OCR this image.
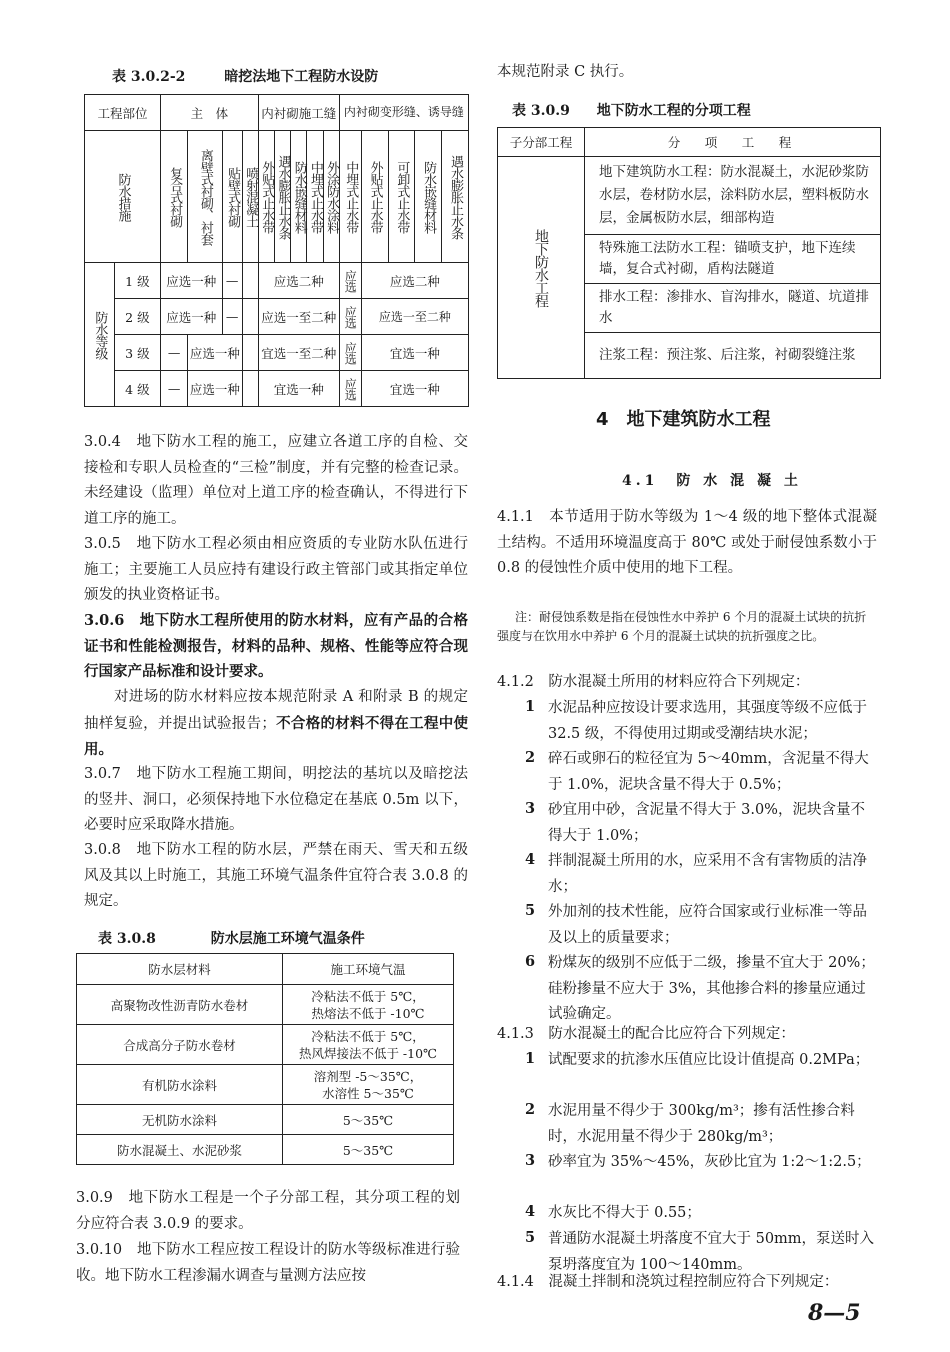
表 3.0.2-2	暗挖法地下工程防水设防
工程部位		主　体				内衬砌施工缝					内衬砌变形缝、诱导缝				

防水措施		复合式衬砌	离壁式衬砌、衬套	贴壁式衬砌	喷射混凝土	外贴式止水带	遇水膨胀止水条	防水嵌缝材料	中埋式止水带	外涂防水涂料	中埋式止水带	外贴式止水带	可卸式止水带	防水嵌缝材料	遇水膨胀止水条

防水等级	1 级	应选一种		—		应选二种					应选	应选二种			
	2 级	应选一种		—		应选一至二种					应选	应选一至二种			
	3 级	—	应选一种			宜选一至二种					应选	宜选一种			
	4 级	—	应选一种			宜选一种					应选	宜选一种			
3.0.4　地下防水工程的施工，应建立各道工序的自检、交接检和专职人员检查的“三检”制度，并有完整的检查记录。未经建设（监理）单位对上道工序的检查确认，不得进行下道工序的施工。
3.0.5　地下防水工程必须由相应资质的专业防水队伍进行施工；主要施工人员应持有建设行政主管部门或其指定单位颁发的执业资格证书。
3.0.6　地下防水工程所使用的防水材料，应有产品的合格证书和性能检测报告，材料的品种、规格、性能等应符合现行国家产品标准和设计要求。
对进场的防水材料应按本规范附录 A 和附录 B 的规定抽样复验，并提出试验报告；不合格的材料不得在工程中使用。
3.0.7　地下防水工程施工期间，明挖法的基坑以及暗挖法的竖井、洞口，必须保持地下水位稳定在基底 0.5m 以下，必要时应采取降水措施。
3.0.8　地下防水工程的防水层，严禁在雨天、雪天和五级风及其以上时施工，其施工环境气温条件宜符合表 3.0.8 的规定。
表 3.0.8	防水层施工环境气温条件
防水层材料	施工环境气温
高聚物改性沥青防水卷材	冷粘法不低于 5℃，
热熔法不低于 -10℃
合成高分子防水卷材	冷粘法不低于 5℃，
热风焊接法不低于 -10℃
有机防水涂料	溶剂型 -5～35℃，
水溶性 5～35℃
无机防水涂料	5～35℃
防水混凝土、水泥砂浆	5～35℃
3.0.9　地下防水工程是一个子分部工程，其分项工程的划分应符合表 3.0.9 的要求。
3.0.10　地下防水工程应按工程设计的防水等级标准进行验收。地下防水工程渗漏水调查与量测方法应按
本规范附录 C 执行。
表 3.0.9 地下防水工程的分项工程
子分部工程	分　项　工　程

地下防水工程	地下建筑防水工程：防水混凝土，水泥砂浆防水层，卷材防水层，涂料防水层，塑料板防水层，金属板防水层，细部构造
	特殊施工法防水工程：锚喷支护，地下连续墙，复合式衬砌，盾构法隧道
	排水工程：渗排水、盲沟排水，隧道、坑道排水
	注浆工程：预注浆、后注浆，衬砌裂缝注浆
4　地下建筑防水工程
4.1　防 水 混 凝 土
4.1.1　本节适用于防水等级为 1～4 级的地下整体式混凝土结构。不适用环境温度高于 80℃ 或处于耐侵蚀系数小于 0.8 的侵蚀性介质中使用的地下工程。
注：耐侵蚀系数是指在侵蚀性水中养护 6 个月的混凝土试块的抗折强度与在饮用水中养护 6 个月的混凝土试块的抗折强度之比。
4.1.2　防水混凝土所用的材料应符合下列规定：
1 水泥品种应按设计要求选用，其强度等级不应低于 32.5 级，不得使用过期或受潮结块水泥；
2 碎石或卵石的粒径宜为 5～40mm，含泥量不得大于 1.0%，泥块含量不得大于 0.5%；
3 砂宜用中砂，含泥量不得大于 3.0%，泥块含量不得大于 1.0%；
4 拌制混凝土所用的水，应采用不含有害物质的洁净水；
5 外加剂的技术性能，应符合国家或行业标准一等品及以上的质量要求；
6 粉煤灰的级别不应低于二级，掺量不宜大于 20%；硅粉掺量不应大于 3%，其他掺合料的掺量应通过试验确定。
4.1.3　防水混凝土的配合比应符合下列规定：
1 试配要求的抗渗水压值应比设计值提高 0.2MPa；
2 水泥用量不得少于 300kg/m³；掺有活性掺合料时，水泥用量不得少于 280kg/m³；
3 砂率宜为 35%～45%，灰砂比宜为 1:2～1:2.5；
4 水灰比不得大于 0.55；
5 普通防水混凝土坍落度不宜大于 50mm，泵送时入泵坍落度宜为 100～140mm。
4.1.4　混凝土拌制和浇筑过程控制应符合下列规定：
8—5
